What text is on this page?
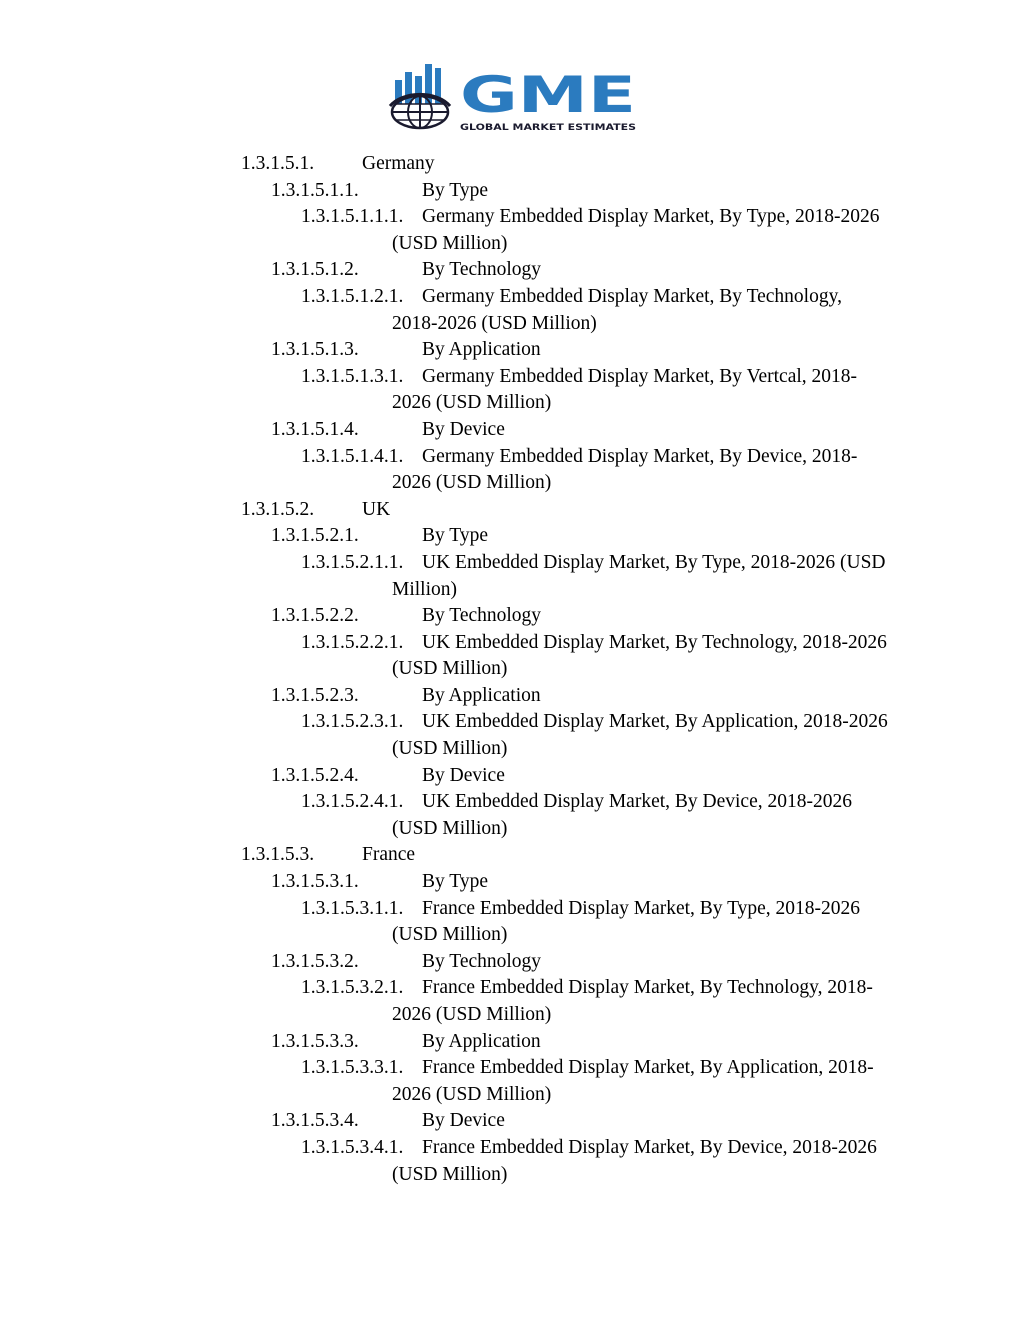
GME
GLOBAL MARKET ESTIMATES
1.3.1.5.1. Germany
1.3.1.5.1.1.	By Type
1.3.1.5.1.1.1. Germany Embedded Display Market, By Type, 2018-2026
(USD Million)
1.3.1.5.1.2.	By Technology
1.3.1.5.1.2.1. Germany Embedded Display Market, By Technology,
2018-2026 (USD Million)
1.3.1.5.1.3.	By Application
1.3.1.5.1.3.1. Germany Embedded Display Market, By Vertcal, 2018-
2026 (USD Million)
1.3.1.5.1.4.	By Device
1.3.1.5.1.4.1. Germany Embedded Display Market, By Device, 2018-
2026 (USD Million)
1.3.1.5.2. UK
1.3.1.5.2.1.	By Type
1.3.1.5.2.1.1. UK Embedded Display Market, By Type, 2018-2026 (USD
Million)
1.3.1.5.2.2.	By Technology
1.3.1.5.2.2.1. UK Embedded Display Market, By Technology, 2018-2026
(USD Million)
1.3.1.5.2.3.	By Application
1.3.1.5.2.3.1. UK Embedded Display Market, By Application, 2018-2026
(USD Million)
1.3.1.5.2.4.	By Device
1.3.1.5.2.4.1. UK Embedded Display Market, By Device, 2018-2026
(USD Million)
1.3.1.5.3. France
1.3.1.5.3.1.	By Type
1.3.1.5.3.1.1. France Embedded Display Market, By Type, 2018-2026
(USD Million)
1.3.1.5.3.2.	By Technology
1.3.1.5.3.2.1. France Embedded Display Market, By Technology, 2018-
2026 (USD Million)
1.3.1.5.3.3.	By Application
1.3.1.5.3.3.1. France Embedded Display Market, By Application, 2018-
2026 (USD Million)
1.3.1.5.3.4.	By Device
1.3.1.5.3.4.1. France Embedded Display Market, By Device, 2018-2026
(USD Million)
